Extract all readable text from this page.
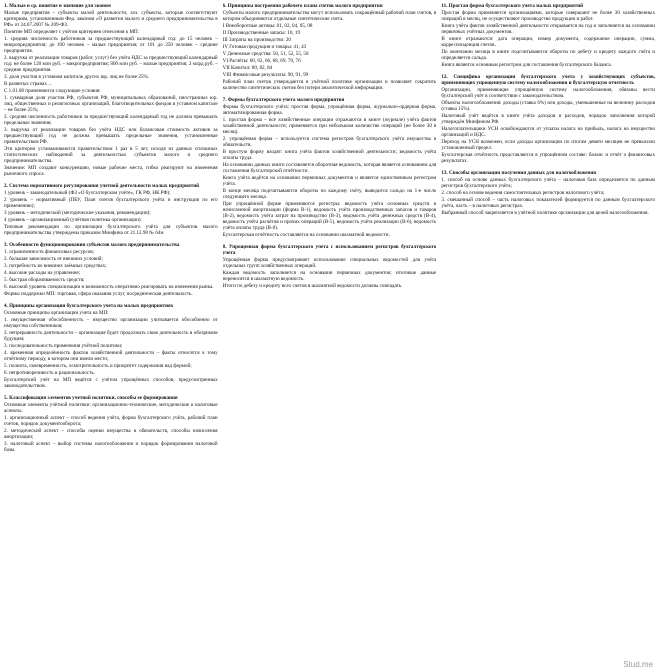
1. Малые и ср. понятие и значение для эконом

Малые предприятия – субъекты малой деятельности, хоз. субъекты, которые соответствуют критериям, установленным Фед. законом «О развитии малого и среднего предпринимательства в РФ» от 24.07.2007 № 209-ФЗ.

Понятие МП определяет с учётом критериев отнесения к МП:

1. средняя численность работников за предшествующий календарный год: до 15 человек – микропредприятия; до 100 человек – малые предприятия; от 101 до 250 человек – средние предприятия.

2. выручка от реализации товаров (работ, услуг) без учёта НДС за предшествующий календарный год: не более 120 млн руб. – микропредприятия; 800 млн руб. – малые предприятия; 2 млрд руб. – средние предприятия.

3. доля участия в уставном капитале других юр. лиц не более 25%.

В развитых странах ...

С 1.01.08 применяются следующие условия:

1. суммарная доля участия РФ, субъектов РФ, муниципальных образований, иностранных юр. лиц, общественных и религиозных организаций, благотворительных фондов в уставном капитале – не более 25%;

2. средняя численность работников за предшествующий календарный год не должна превышать предельные значения;

3. выручка от реализации товаров без учёта НДС или балансовая стоимость активов за предшествующий год не должна превышать предельные значения, установленные правительством РФ.

Эти критерии устанавливаются правительством 1 раз в 5 лет, исходя из данных сплошных статистических наблюдений за деятельностью субъектов малого и среднего предпринимательства.

Значение: МП создают конкуренцию, новые рабочие места, гибко реагируют на изменения рыночного спроса.

2. Система нормативного регулирования учетной деятельности малых предприятий

1 уровень – законодательный (ФЗ «О бухгалтерском учёте», ГК РФ, НК РФ);

2 уровень – нормативный (ПБУ, План счетов бухгалтерского учёта и инструкция по его применению);

3 уровень – методический (методические указания, рекомендации);

4 уровень – организационный (учётная политика организации).

Типовые рекомендации по организации бухгалтерского учёта для субъектов малого предпринимательства утверждены приказом Минфина от 21.12.98 № 64н.

3. Особенности функционирования субъектов малого предпринимательства

1. ограниченность финансовых ресурсов;

2. большая зависимость от внешних условий;

3. потребность во внешних заёмных средствах;

4. высокие расходы на управление;

5. быстрая оборачиваемость средств;

6. высокий уровень специализации и возможность оперативно реагировать на изменения рынка.

Формы поддержки МП: торговая, сфера оказания услуг, посредническая деятельность.

4. Принципы организации бухгалтерского учета на малых предприятиях

Основные принципы организации учета на МП:

1. имущественная обособленность – имущество организации учитывается обособленно от имущества собственников;

2. непрерывность деятельности – организация будет продолжать свою деятельность в обозримом будущем;

3. последовательность применения учётной политики;

4. временная определённость фактов хозяйственной деятельности – факты относятся к тому отчётному периоду, в котором они имели место;

5. полнота, своевременность, осмотрительность и приоритет содержания над формой;

6. непротиворечивость и рациональность.

Бухгалтерский учёт на МП ведётся с учётом упрощённых способов, предусмотренных законодательством.

5. Классификация элементов учетной политики, способы ее формирования

Основные элементы учётной политики: организационно-технические, методические и налоговые аспекты.

1. организационный аспект – способ ведения учёта, форма бухгалтерского учёта, рабочий план счетов, порядок документооборота;

2. методический аспект – способы оценки имущества и обязательств, способы начисления амортизации;

3. налоговый аспект – выбор системы налогообложения и порядок формирования налоговой базы.

6. Принципы построения рабочего плана счетов малого предприятия

Субъекты малого предпринимательства могут использовать сокращённый рабочий план счетов, в котором объединяются отдельные синтетические счета.

I Внеоборотные активы: 01, 02, 04, 05, 08

II Производственные запасы: 10, 19

III Затраты на производство: 20

IV Готовая продукция и товары: 41, 43

V Денежные средства: 50, 51, 52, 55, 58

VI Расчёты: 60, 62, 66, 68, 69, 70, 76

VII Капитал: 80, 82, 84

VIII Финансовые результаты: 90, 91, 99

Рабочий план счетов утверждается в учётной политике организации и позволяет сократить количество синтетических счетов без потери аналитической информации.

7. Формы бухгалтерского учета малого предприятия

Формы бухгалтерского учёта: простая форма, упрощённая форма, журнально-ордерная форма, автоматизированная форма.

1. простая форма – все хозяйственные операции отражаются в книге (журнале) учёта фактов хозяйственной деятельности; применяется при небольшом количестве операций (не более 30 в месяц).

2. упрощённая форма – используется система регистров бухгалтерского учёта имущества и обязательств.

В простую форму входят: книга учёта фактов хозяйственной деятельности; ведомость учёта оплаты труда.

На основании данных книги составляется оборотная ведомость, которая является основанием для составления бухгалтерской отчётности.

Книга учёта ведётся на основании первичных документов и является единственным регистром учёта.

В конце месяца подсчитываются обороты по каждому счёту, выводится сальдо на 1-е число следующего месяца.

При упрощённой форме применяются регистры: ведомость учёта основных средств и начисленной амортизации (форма В-1), ведомость учёта производственных запасов и товаров (В-2), ведомость учёта затрат на производство (В-3), ведомость учёта денежных средств (В-4), ведомость учёта расчётов и прочих операций (В-5), ведомость учёта реализации (В-6), ведомость учёта оплаты труда (В-8).

Бухгалтерская отчётность составляется на основании шахматной ведомости.

8. Упрощенная форма бухгалтерского учета с использованием регистров бухгалтерского учета

Упрощённая форма предусматривает использование специальных ведомостей для учёта отдельных групп хозяйственных операций.

Каждая ведомость заполняется на основании первичных документов; итоговые данные переносятся в шахматную ведомость.

Итоги по дебету и кредиту всех счетов в шахматной ведомости должны совпадать.

11. Простая форма бухгалтерского учета малых предприятий

Простая форма применяется организациями, которые совершают не более 30 хозяйственных операций в месяц, не осуществляют производство продукции и работ.

Книга учёта фактов хозяйственной деятельности открывается на год и заполняется на основании первичных учётных документов.

В книге отражаются: дата операции, номер документа, содержание операции, сумма, корреспонденция счетов.

По окончании месяца в книге подсчитываются обороты по дебету и кредиту каждого счёта и определяется сальдо.

Книга является основным регистром для составления бухгалтерского баланса.

12. Специфика организации бухгалтерского учета у хозяйствующих субъектов, применяющих упрощенную систему налогообложения и бухгалтерскую отчетность

Организации, применяющие упрощённую систему налогообложения, обязаны вести бухгалтерский учёт в соответствии с законодательством.

Объекты налогообложения: доходы (ставка 6%) или доходы, уменьшенные на величину расходов (ставка 15%).

Налоговый учёт ведётся в книге учёта доходов и расходов, порядок заполнения которой утверждён Минфином РФ.

Налогоплательщики УСН освобождаются от уплаты налога на прибыль, налога на имущество организаций и НДС.

Переход на УСН возможен, если доходы организации по итогам девяти месяцев не превысили установленный предел.

Бухгалтерская отчётность представляется в упрощённом составе: баланс и отчёт о финансовых результатах.

13. Способы организации получения данных для налогообложения

1. способ на основе данных бухгалтерского учёта – налоговая база определяется по данным регистров бухгалтерского учёта;

2. способ на основе ведения самостоятельных регистров налогового учёта;

3. смешанный способ – часть налоговых показателей формируется по данным бухгалтерского учёта, часть – в налоговых регистрах.

Выбранный способ закрепляется в учётной политике организации для целей налогообложения.

Stud.me
